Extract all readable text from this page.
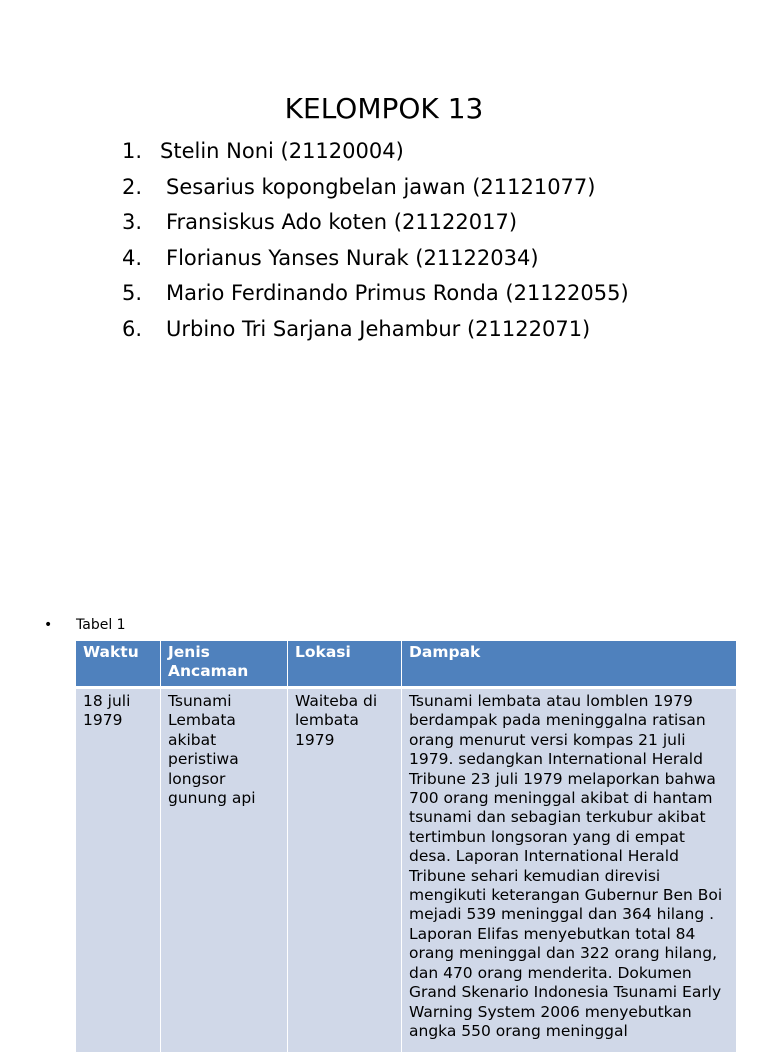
KELOMPOK 13
1. Stelin Noni (21120004)
2. Sesarius kopongbelan jawan (21121077)
3. Fransiskus Ado koten (21122017)
4. Florianus Yanses Nurak (21122034)
5. Mario Ferdinando Primus Ronda (21122055)
6. Urbino Tri Sarjana Jehambur (21122071)
• Tabel 1
Waktu	Jenis Ancaman	Lokasi	Dampak
18 juli 1979	Tsunami Lembata akibat peristiwa longsor gunung api	Waiteba di lembata 1979	Tsunami lembata atau lomblen 1979 berdampak pada meninggalna ratisan orang menurut versi kompas 21 juli 1979. sedangkan International Herald Tribune 23 juli 1979 melaporkan bahwa 700 orang meninggal akibat di hantam tsunami dan sebagian terkubur akibat tertimbun longsoran yang di empat desa. Laporan International Herald Tribune sehari kemudian direvisi mengikuti keterangan Gubernur Ben Boi mejadi 539 meninggal dan 364 hilang . Laporan Elifas menyebutkan total 84 orang meninggal dan 322 orang hilang, dan 470 orang menderita. Dokumen Grand Skenario Indonesia Tsunami Early Warning System 2006 menyebutkan angka 550 orang meninggal
